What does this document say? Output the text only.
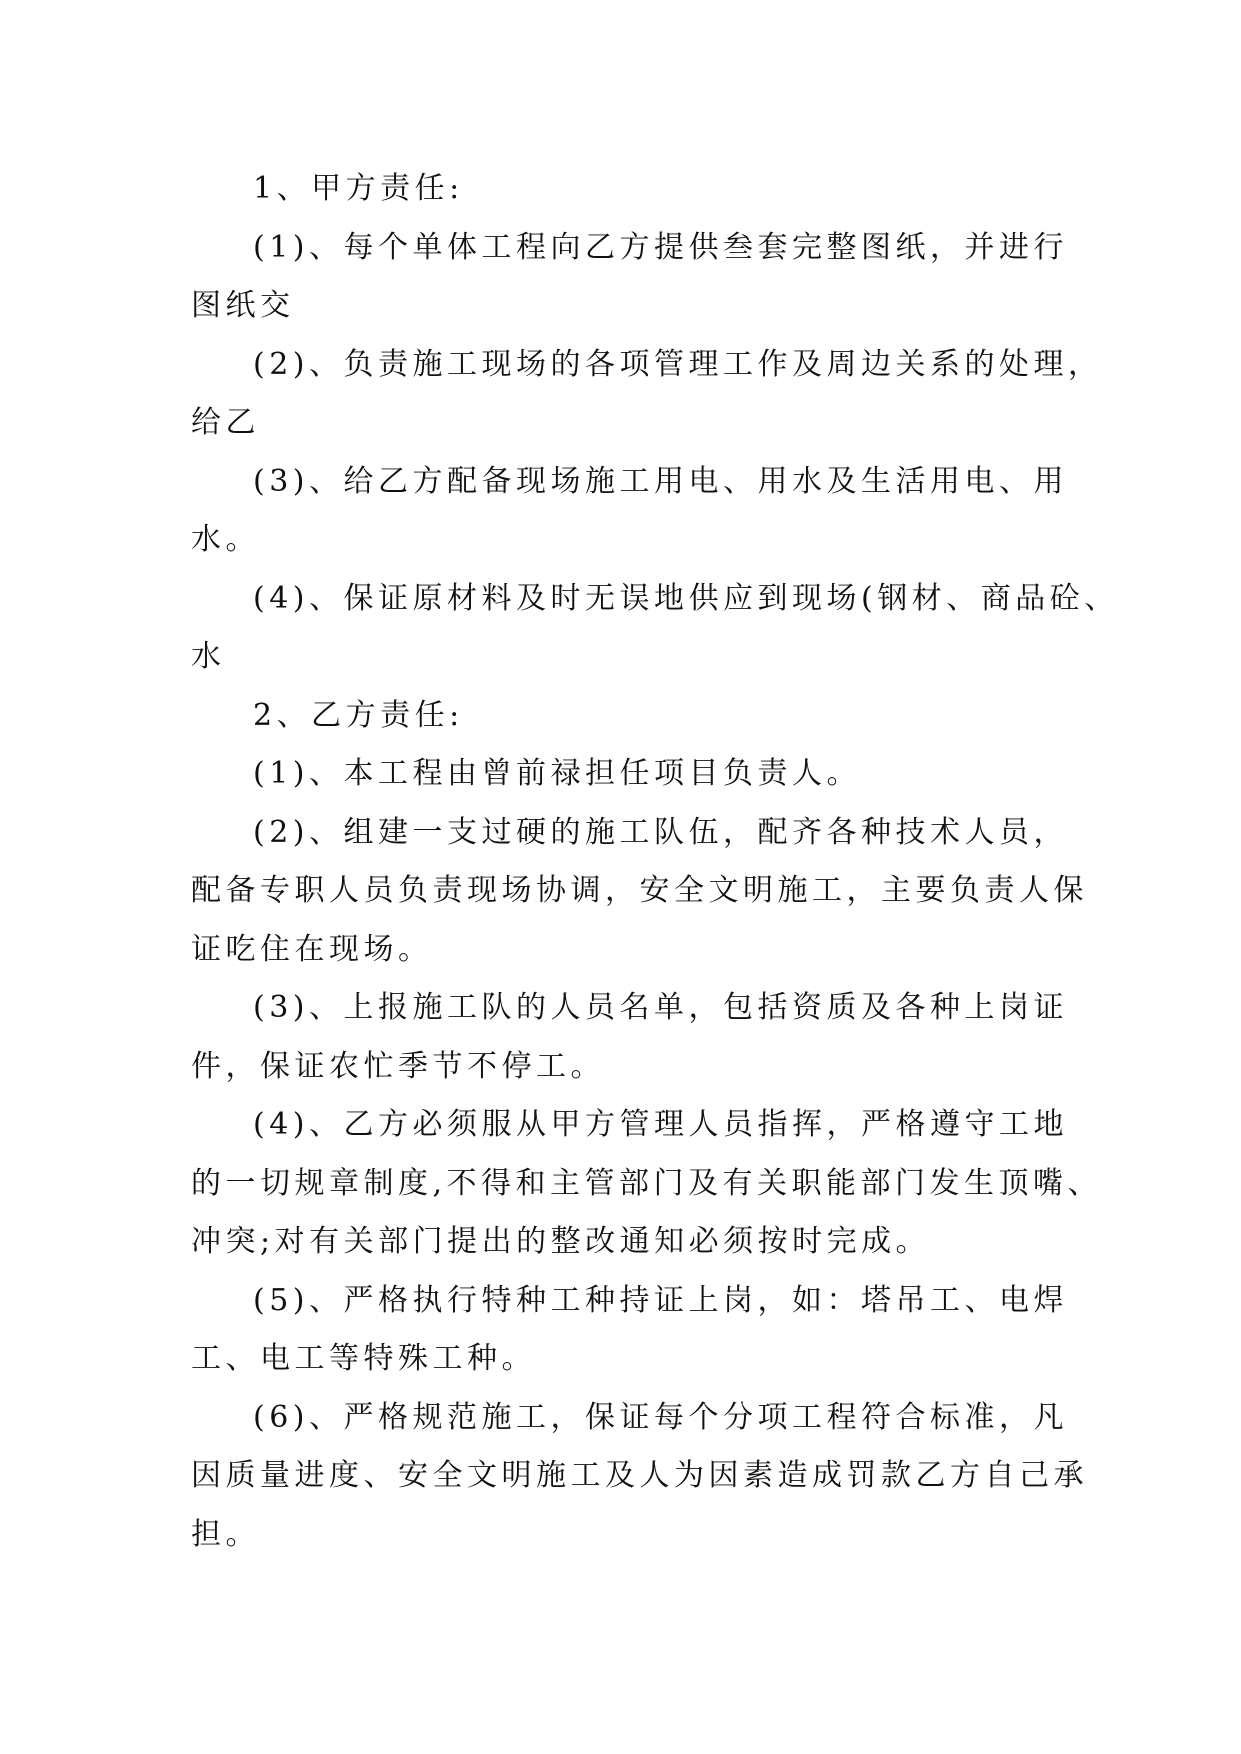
1、甲方责任:

(1)、每个单体工程向乙方提供叁套完整图纸，并进行
图纸交

(2)、负责施工现场的各项管理工作及周边关系的处理，
给乙

(3)、给乙方配备现场施工用电、用水及生活用电、用
水。

(4)、保证原材料及时无误地供应到现场(钢材、商品砼、
水

2、乙方责任:

(1)、本工程由曾前禄担任项目负责人。

(2)、组建一支过硬的施工队伍，配齐各种技术人员，
配备专职人员负责现场协调，安全文明施工，主要负责人保
证吃住在现场。

(3)、上报施工队的人员名单，包括资质及各种上岗证
件，保证农忙季节不停工。

(4)、乙方必须服从甲方管理人员指挥，严格遵守工地
的一切规章制度,不得和主管部门及有关职能部门发生顶嘴、
冲突;对有关部门提出的整改通知必须按时完成。

(5)、严格执行特种工种持证上岗，如：塔吊工、电焊
工、电工等特殊工种。

(6)、严格规范施工，保证每个分项工程符合标准，凡
因质量进度、安全文明施工及人为因素造成罚款乙方自己承
担。
